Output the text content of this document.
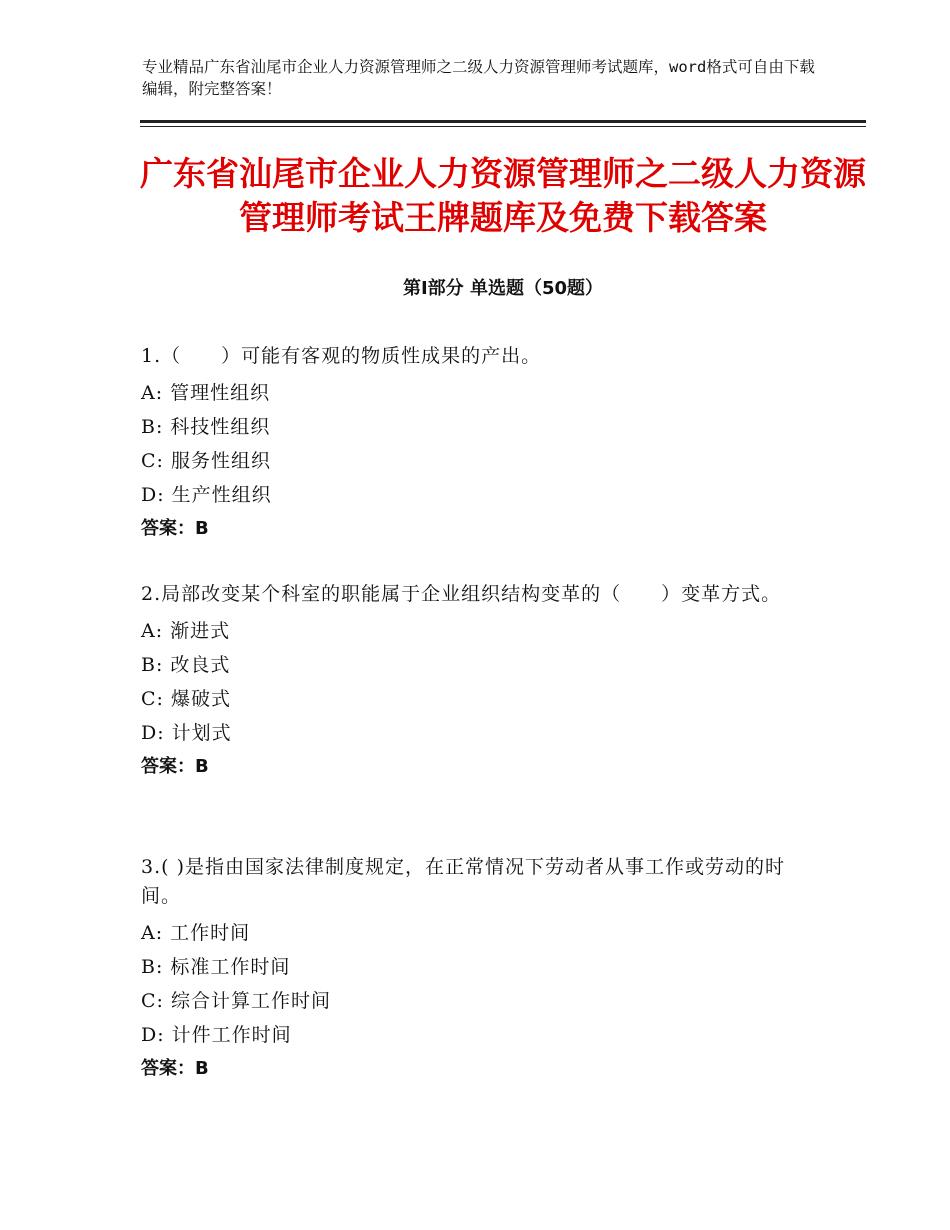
专业精品广东省汕尾市企业人力资源管理师之二级人力资源管理师考试题库，word格式可自由下载编辑，附完整答案！
广东省汕尾市企业人力资源管理师之二级人力资源管理师考试王牌题库及免费下载答案
第Ⅰ部分 单选题（50题）

1.（　　）可能有客观的物质性成果的产出。

A: 管理性组织

B: 科技性组织

C: 服务性组织

D: 生产性组织

答案：B

2.局部改变某个科室的职能属于企业组织结构变革的（　　）变革方式。

A: 渐进式

B: 改良式

C: 爆破式

D: 计划式

答案：B

3.( )是指由国家法律制度规定，在正常情况下劳动者从事工作或劳动的时间。

A: 工作时间

B: 标准工作时间

C: 综合计算工作时间

D: 计件工作时间

答案：B
